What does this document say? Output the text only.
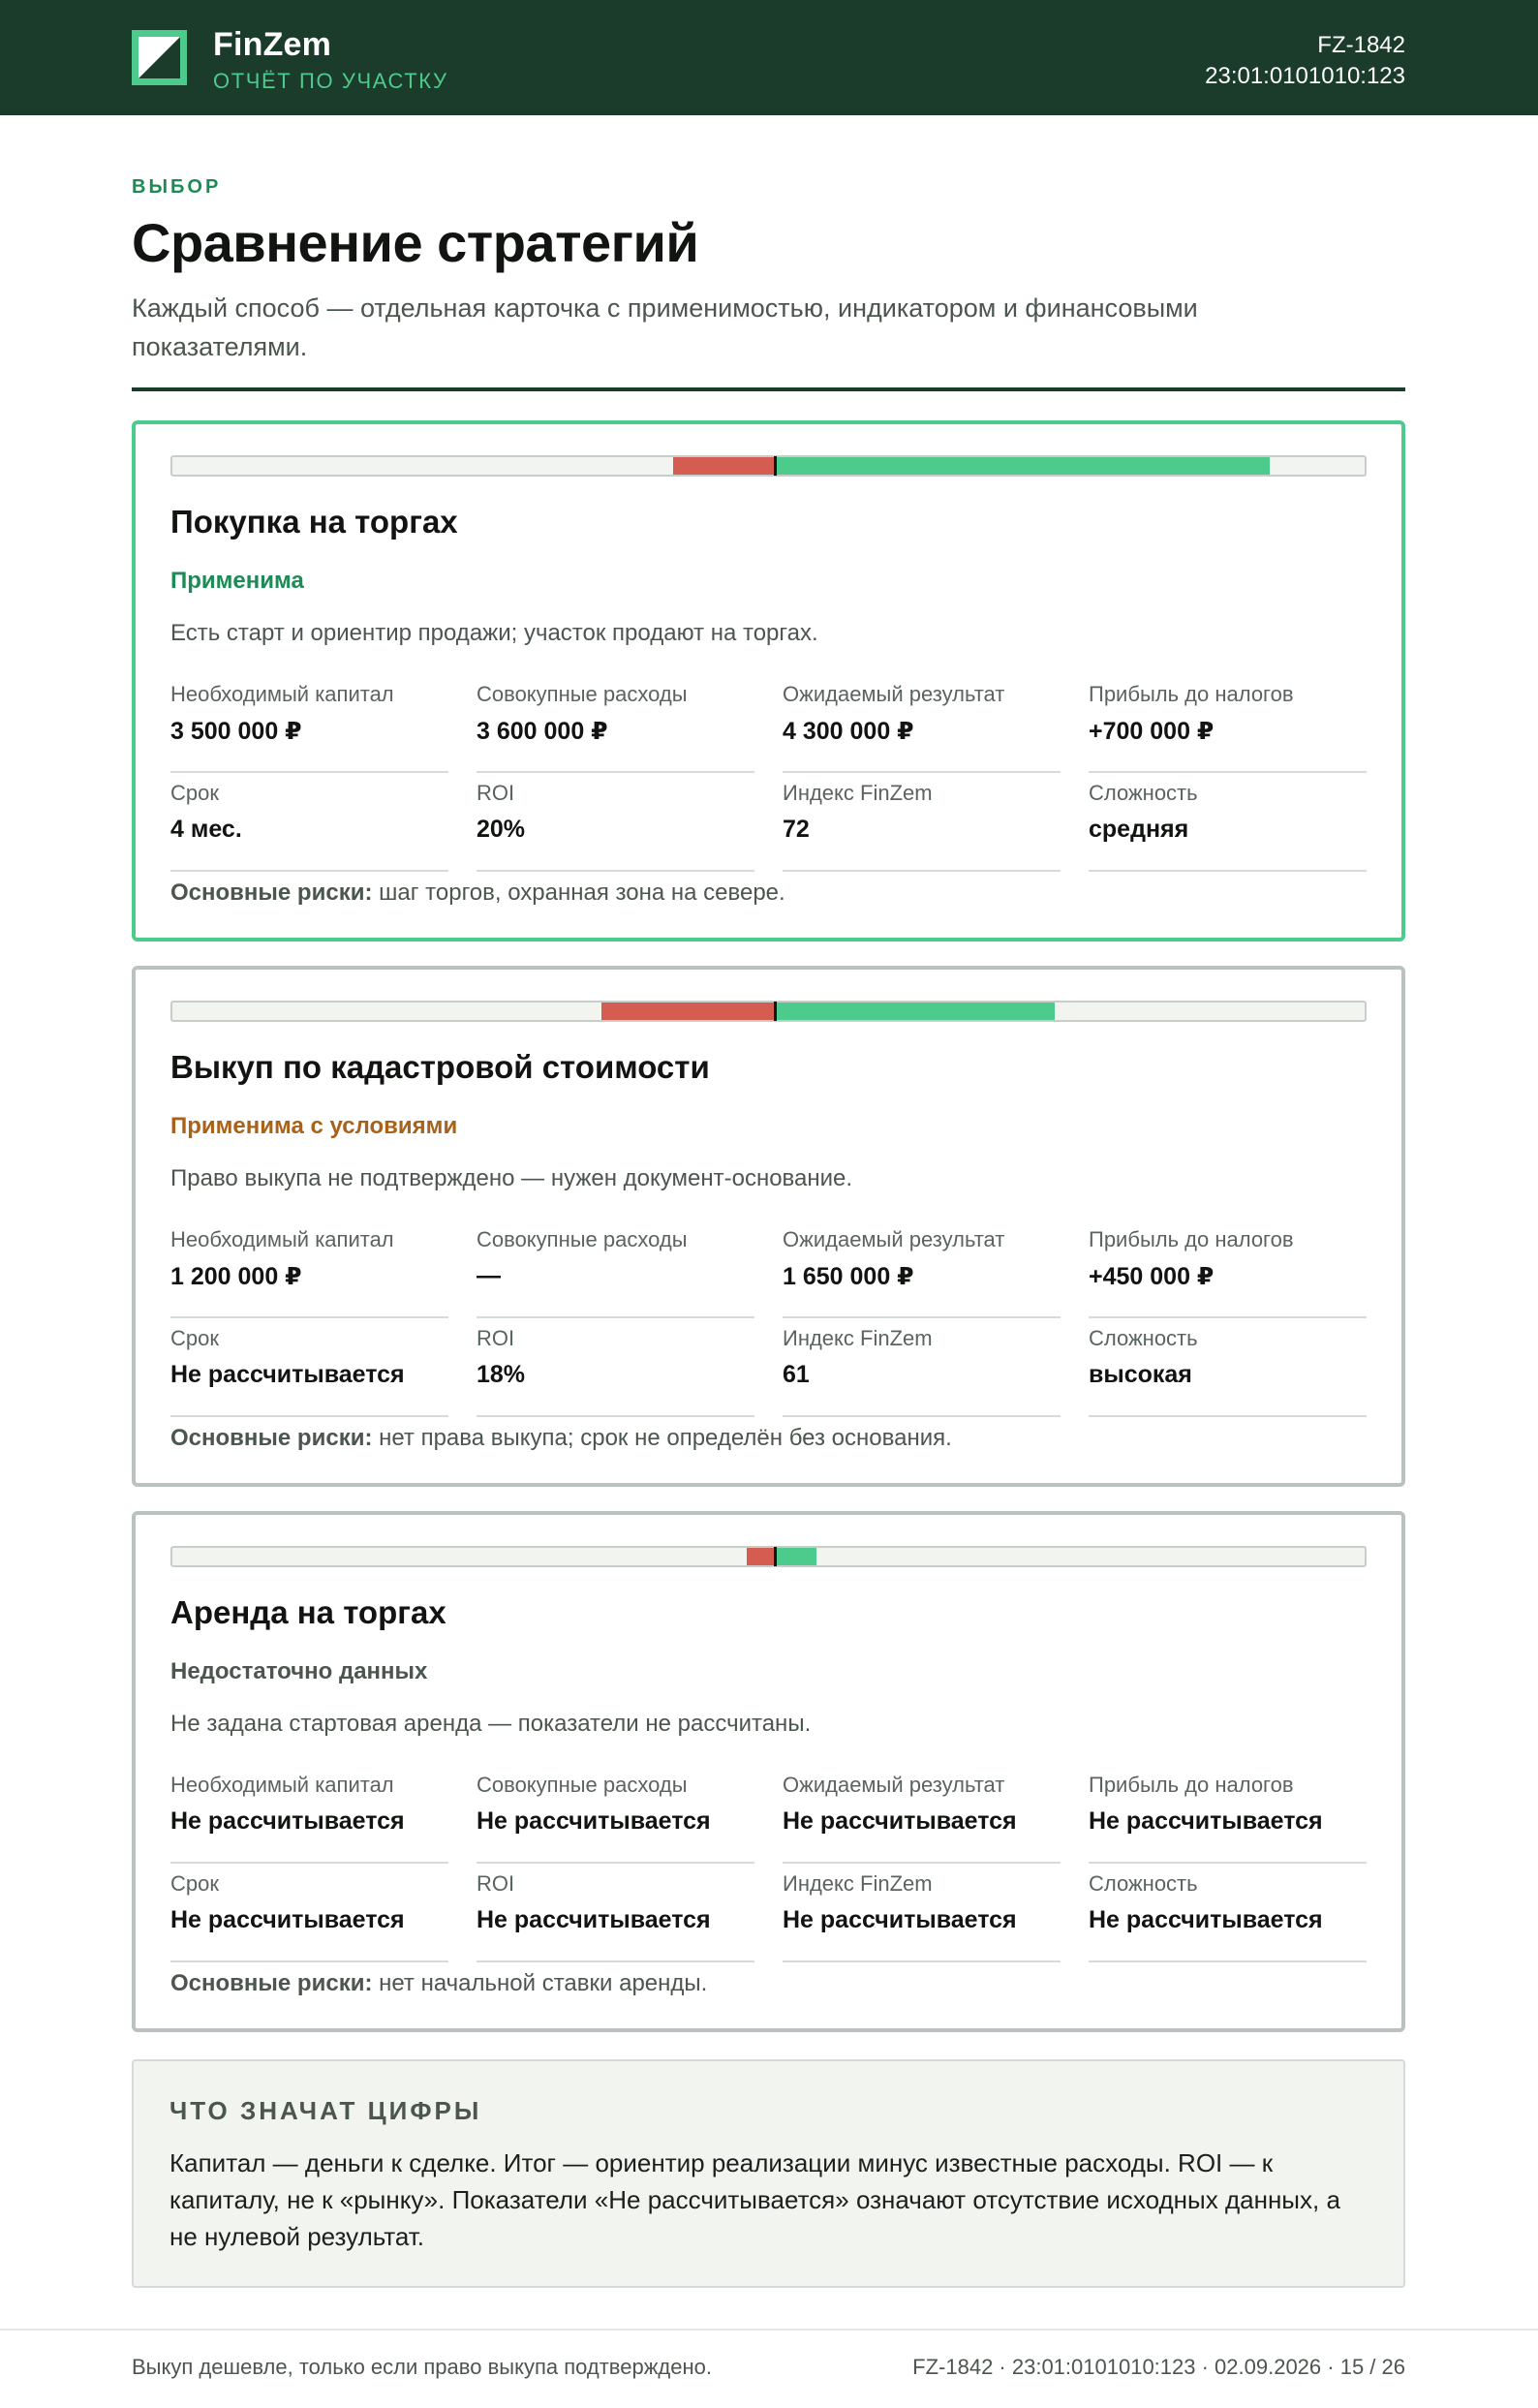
FinZem
ОТЧЁТ ПО УЧАСТКУ
FZ-1842
23:01:0101010:123
ВЫБОР
Сравнение стратегий
Каждый способ — отдельная карточка с применимостью, индикатором и финансовыми показателями.
Покупка на торгах
Применима
Есть старт и ориентир продажи; участок продают на торгах.
Необходимый капитал
3 500 000 ₽
Совокупные расходы
3 600 000 ₽
Ожидаемый результат
4 300 000 ₽
Прибыль до налогов
+700 000 ₽
Срок
4 мес.
ROI
20%
Индекс FinZem
72
Сложность
средняя
Основные риски: шаг торгов, охранная зона на севере.
Выкуп по кадастровой стоимости
Применима с условиями
Право выкупа не подтверждено — нужен документ-основание.
Необходимый капитал
1 200 000 ₽
Совокупные расходы
—
Ожидаемый результат
1 650 000 ₽
Прибыль до налогов
+450 000 ₽
Срок
Не рассчитывается
ROI
18%
Индекс FinZem
61
Сложность
высокая
Основные риски: нет права выкупа; срок не определён без основания.
Аренда на торгах
Недостаточно данных
Не задана стартовая аренда — показатели не рассчитаны.
Необходимый капитал
Не рассчитывается
Совокупные расходы
Не рассчитывается
Ожидаемый результат
Не рассчитывается
Прибыль до налогов
Не рассчитывается
Срок
Не рассчитывается
ROI
Не рассчитывается
Индекс FinZem
Не рассчитывается
Сложность
Не рассчитывается
Основные риски: нет начальной ставки аренды.
ЧТО ЗНАЧАТ ЦИФРЫ
Капитал — деньги к сделке. Итог — ориентир реализации минус известные расходы. ROI — к капиталу, не к «рынку». Показатели «Не рассчитывается» означают отсутствие исходных данных, а не нулевой результат.
Выкуп дешевле, только если право выкупа подтверждено.	FZ-1842 · 23:01:0101010:123 · 02.09.2026 · 15 / 26
